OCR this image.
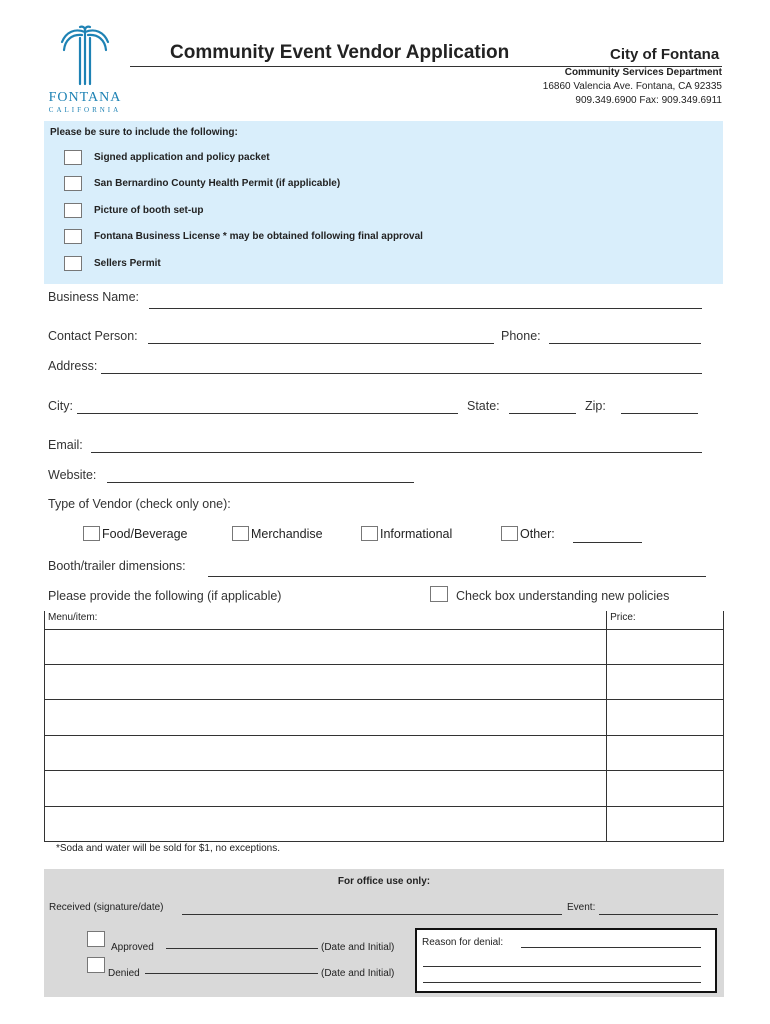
FONTANA
CALIFORNIA
Community Event Vendor Application	City of Fontana
Community Services Department
16860 Valencia Ave. Fontana, CA 92335
909.349.6900 Fax: 909.349.6911
Please be sure to include the following:
Signed application and policy packet
San Bernardino County Health Permit (if applicable)
Picture of booth set-up
Fontana Business License * may be obtained following final approval
Sellers Permit
Business Name:
Contact Person:	Phone:
Address:
City:	State:	Zip:
Email:
Website:
Type of Vendor (check only one):
Food/Beverage	Merchandise	Informational	Other:
Booth/trailer dimensions:
Please provide the following (if applicable)	Check box understanding new policies
Menu/item:	Price:

*Soda and water will be sold for $1, no exceptions.
For office use only:
Received (signature/date)	Event:
Approved	(Date and Initial)
Denied	(Date and Initial)
Reason for denial:
